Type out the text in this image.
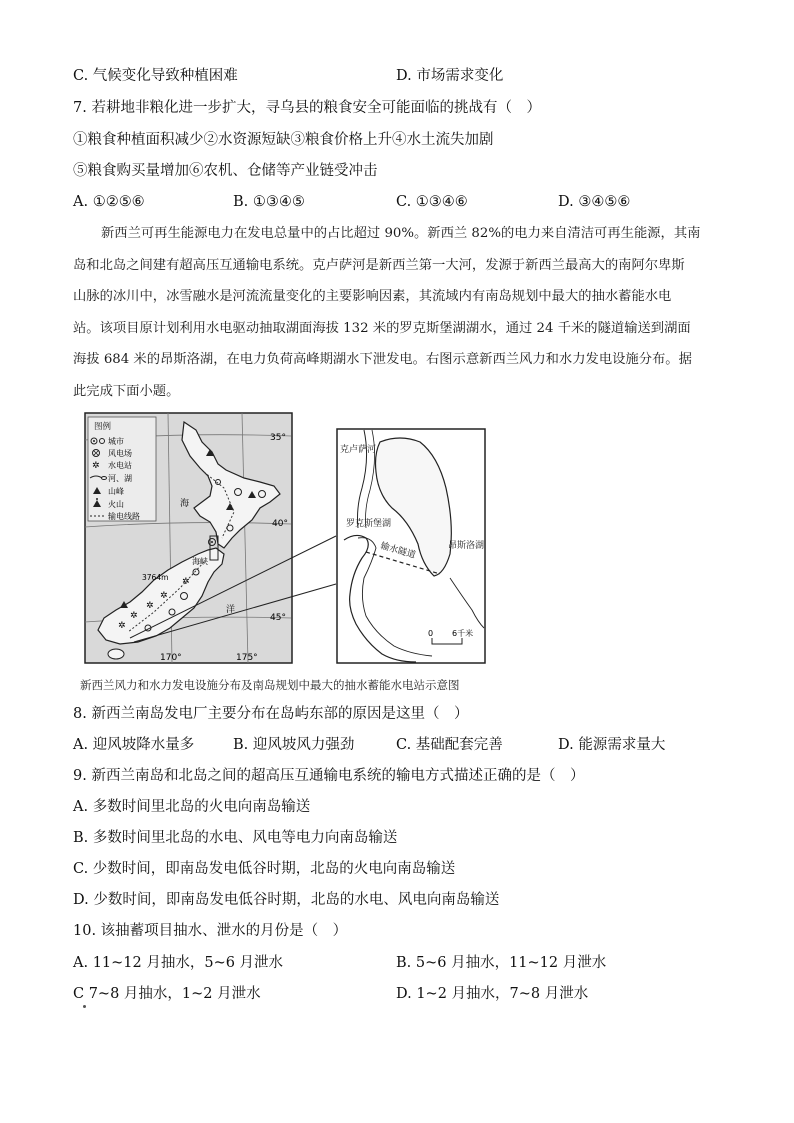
C. 气候变化导致种植困难	D. 市场需求变化
7. 若耕地非粮化进一步扩大，寻乌县的粮食安全可能面临的挑战有（　）
①粮食种植面积减少②水资源短缺③粮食价格上升④水土流失加剧
⑤粮食购买量增加⑥农机、仓储等产业链受冲击
A. ①②⑤⑥	B. ①③④⑤	C. ①③④⑥	D. ③④⑤⑥
新西兰可再生能源电力在发电总量中的占比超过 90%。新西兰 82%的电力来自清洁可再生能源，其南
岛和北岛之间建有超高压互通输电系统。克卢萨河是新西兰第一大河，发源于新西兰最高大的南阿尔卑斯
山脉的冰川中，冰雪融水是河流流量变化的主要影响因素，其流域内有南岛规划中最大的抽水蓄能水电
站。该项目原计划利用水电驱动抽取湖面海拔 132 米的罗克斯堡湖湖水，通过 24 千米的隧道输送到湖面
海拔 684 米的昂斯洛湖，在电力负荷高峰期湖水下泄发电。右图示意新西兰风力和水力发电设施分布。据
此完成下面小题。
图例
城市
风电场
✲ 水电站
河、湖
山峰
火山
输电线路
✲
✲
✲
✲
✲
35°
40°
45°
170°	175°
海
海峡
洋
3764m
克卢萨河
罗克斯堡湖
输水隧道	昂斯洛湖
0 6千米
新西兰风力和水力发电设施分布及南岛规划中最大的抽水蓄能水电站示意图
8. 新西兰南岛发电厂主要分布在岛屿东部的原因是这里（　）
A. 迎风坡降水量多	B. 迎风坡风力强劲	C. 基础配套完善	D. 能源需求量大
9. 新西兰南岛和北岛之间的超高压互通输电系统的输电方式描述正确的是（　）
A. 多数时间里北岛的火电向南岛输送
B. 多数时间里北岛的水电、风电等电力向南岛输送
C. 少数时间，即南岛发电低谷时期，北岛的火电向南岛输送
D. 少数时间，即南岛发电低谷时期，北岛的水电、风电向南岛输送
10. 该抽蓄项目抽水、泄水的月份是（　）
A. 11~12 月抽水，5~6 月泄水	B. 5~6 月抽水，11~12 月泄水
C 7~8 月抽水，1~2 月泄水	D. 1~2 月抽水，7~8 月泄水
